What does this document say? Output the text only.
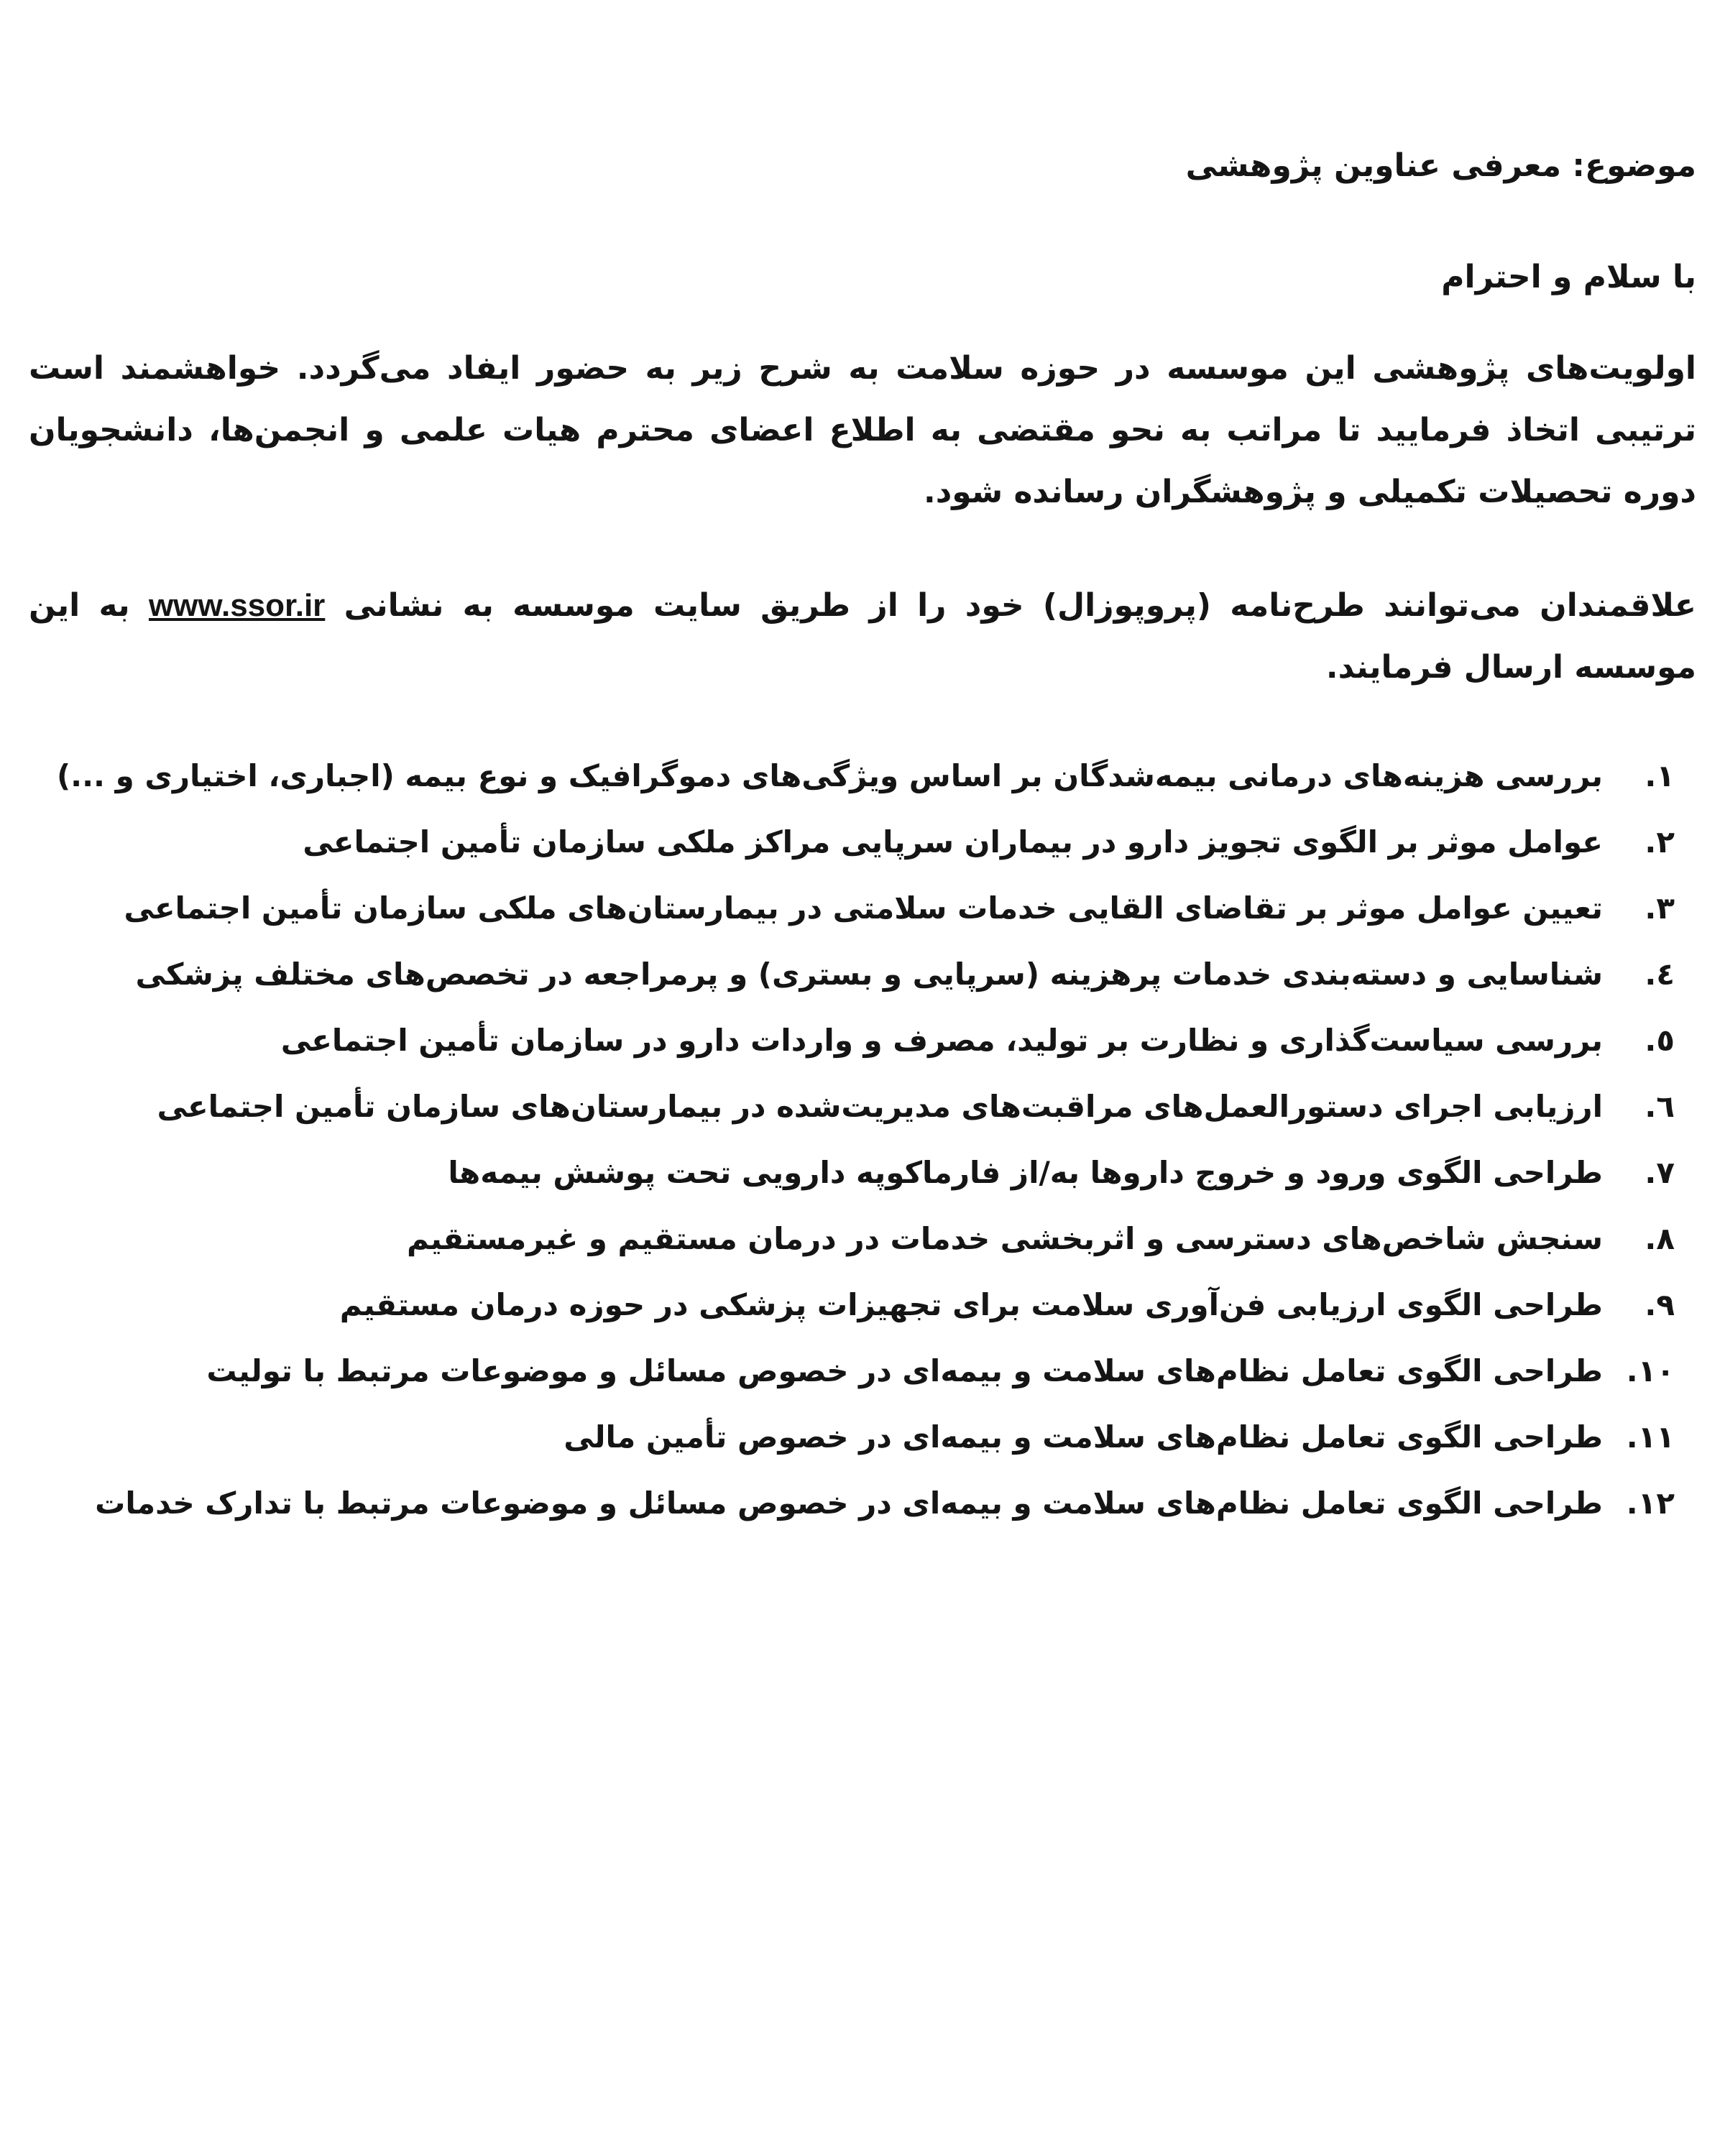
موضوع: معرفی عناوین پژوهشی
با سلام و احترام

اولویت‌های پژوهشی این موسسه در حوزه سلامت به شرح زیر به حضور ایفاد می‌گردد. خواهشمند است ترتیبی اتخاذ فرمایید تا مراتب به نحو مقتضی به اطلاع اعضای محترم هیات علمی و انجمن‌ها، دانشجویان دوره تحصیلات تکمیلی و پژوهشگران رسانده شود.

علاقمندان می‌توانند طرح‌نامه (پروپوزال) خود را از طریق سایت موسسه به نشانی www.ssor.ir به این موسسه ارسال فرمایند.

۱.
بررسی هزینه‌های درمانی بیمه‌شدگان بر اساس ویژگی‌های دموگرافیک و نوع بیمه (اجباری، اختیاری و ...)
۲.
عوامل موثر بر الگوی تجویز دارو در بیماران سرپایی مراکز ملکی سازمان تأمین اجتماعی
۳.
تعیین عوامل موثر بر تقاضای القایی خدمات سلامتی در بیمارستان‌های ملکی سازمان تأمین اجتماعی
٤.
شناسایی و دسته‌بندی خدمات پرهزینه (سرپایی و بستری) و پرمراجعه در تخصص‌های مختلف پزشکی
٥.
بررسی سیاست‌گذاری و نظارت بر تولید، مصرف و واردات دارو در سازمان تأمین اجتماعی
٦.
ارزیابی اجرای دستورالعمل‌های مراقبت‌های مدیریت‌شده در بیمارستان‌های سازمان تأمین اجتماعی
۷.
طراحی الگوی ورود و خروج داروها به/از فارماکوپه دارویی تحت پوشش بیمه‌ها
۸.
سنجش شاخص‌های دسترسی و اثربخشی خدمات در درمان مستقیم و غیرمستقیم
۹.
طراحی الگوی ارزیابی فن‌آوری سلامت برای تجهیزات پزشکی در حوزه درمان مستقیم
۱۰.
طراحی الگوی تعامل نظام‌های سلامت و بیمه‌ای در خصوص مسائل و موضوعات مرتبط با تولیت
۱۱.
طراحی الگوی تعامل نظام‌های سلامت و بیمه‌ای در خصوص تأمین مالی
۱۲.
طراحی الگوی تعامل نظام‌های سلامت و بیمه‌ای در خصوص مسائل و موضوعات مرتبط با تدارک خدمات
